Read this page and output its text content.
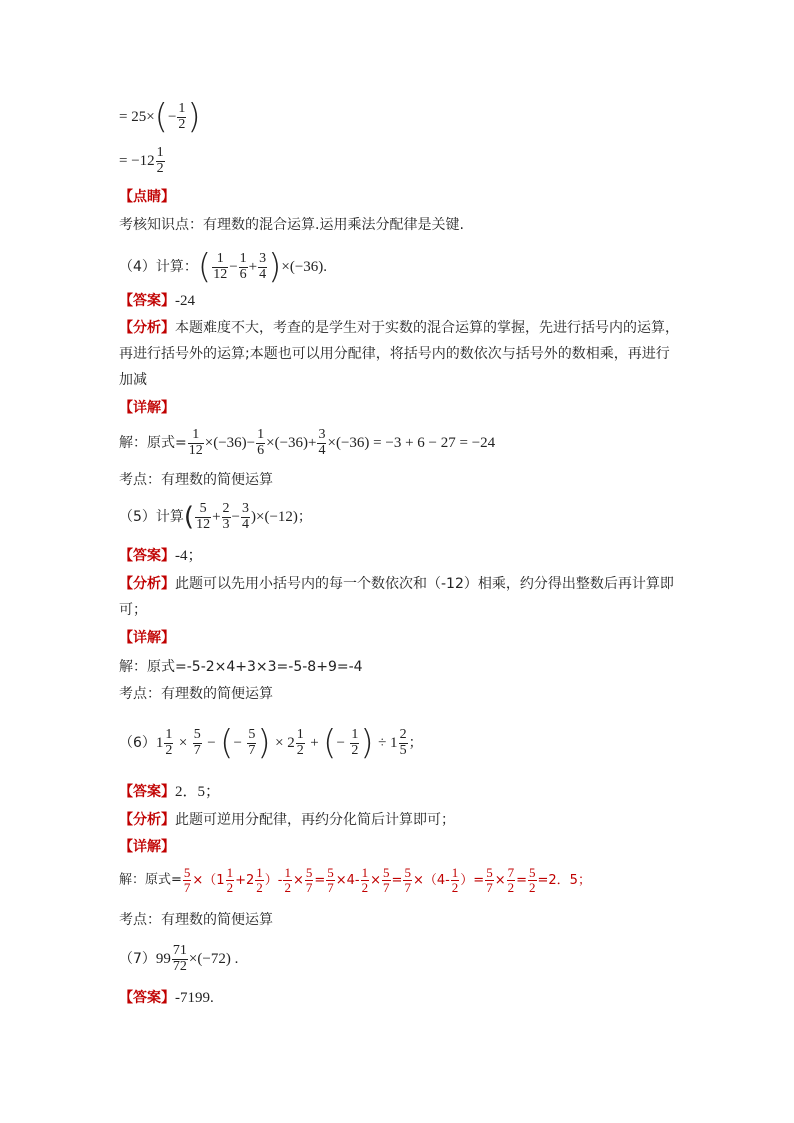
= $25\times(- \frac{1}{2}$ )
= $-12 \frac{1}{2}$
【点睛】
考核知识点：有理数的混合运算.运用乘法分配律是关键.
（4）计算：( $\frac{1}{12} - \frac{1}{6} + \frac{3}{4} )\times(-36)$.
【答案】-24
【分析】本题难度不大，考查的是学生对于实数的混合运算的掌握，先进行括号内的运算，再进行括号外的运算;本题也可以用分配律，将括号内的数依次与括号外的数相乘，再进行加减
【详解】
解：原式= $\frac{1}{12} \times(-36)- \frac{1}{6} \times(-36)+ \frac{3}{4} \times(-36) = -3 + 6 - 27 = -24$
考点：有理数的简便运算
（5）计算( $\frac{5}{12} + \frac{2}{3} - \frac{3}{4} )\times(-12)$；
【答案】-4；
【分析】此题可以先用小括号内的每一个数依次和（-12）相乘，约分得出整数后再计算即可；
【详解】
解：原式=-5-2×4+3×3=-5-8+9=-4
考点：有理数的简便运算
$(6)1 \frac{1}{2} \times \frac{5}{7}$ − (− $\frac{5}{7}$ ) × $2 \frac{1}{2}$ + (− $\frac{1}{2}$ ) ÷ $1 \frac{2}{5}$ ；
【答案】2．5；
【分析】此题可逆用分配律，再约分化简后计算即可；
【详解】
解：原式= $\frac{5}{7} \times(1 \frac{1}{2} +2 \frac{1}{2}$ ）- $\frac{1}{2} \times \frac{5}{7} = \frac{5}{7} \times 4- \frac{1}{2} \times \frac{5}{7} = \frac{5}{7} \times(4- \frac{1}{2}$ ）= $\frac{5}{7} \times \frac{7}{2} = \frac{5}{2} =2$．5；
考点：有理数的简便运算
$(7)99 \frac{71}{72} \times(-72)$ .
【答案】-7199.
